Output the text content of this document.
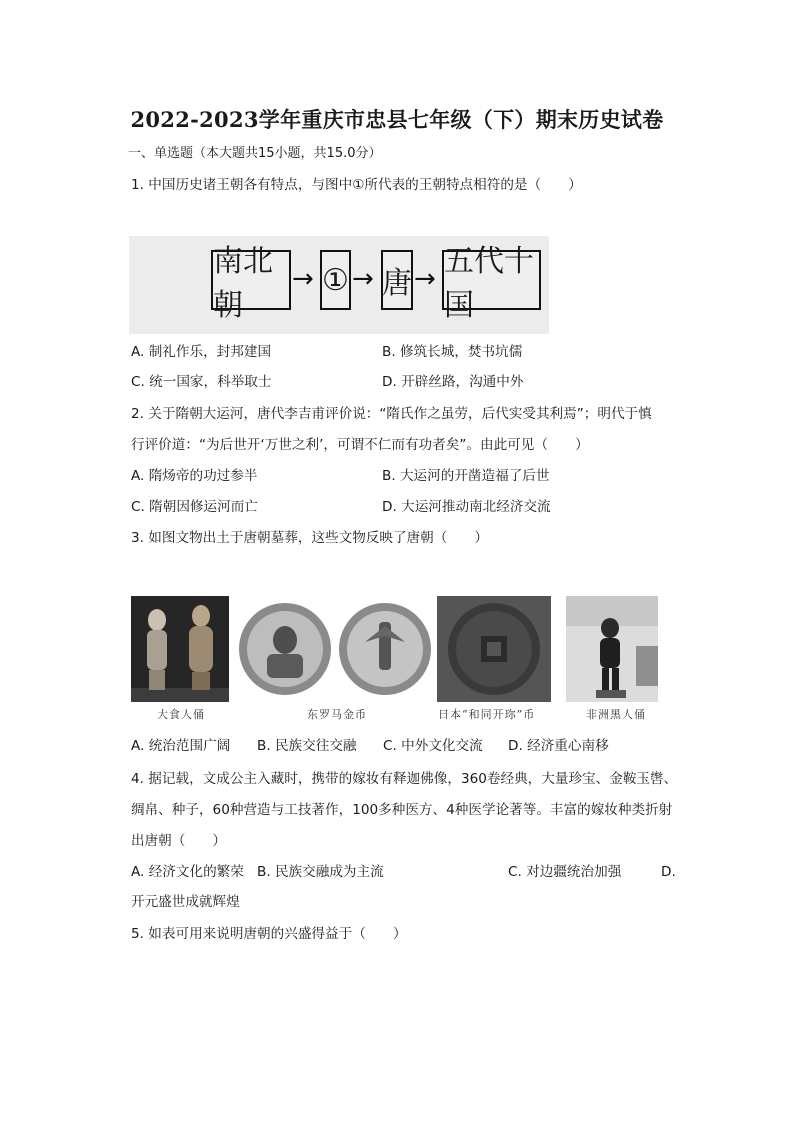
2022-2023学年重庆市忠县七年级（下）期末历史试卷
一、单选题（本大题共15小题，共15.0分）
1. 中国历史诸王朝各有特点，与图中①所代表的王朝特点相符的是（　　）
南北朝
→ ① → 唐 → 五代十国
A. 制礼作乐，封邦建国	B. 修筑长城，焚书坑儒
C. 统一国家，科举取士	D. 开辟丝路，沟通中外
2. 关于隋朝大运河，唐代李吉甫评价说：“隋氏作之虽劳，后代实受其利焉”；明代于慎
行评价道：“为后世开‘万世之利’，可谓不仁而有功者矣”。由此可见（　　）
A. 隋炀帝的功过参半	B. 大运河的开凿造福了后世
C. 隋朝因修运河而亡	D. 大运河推动南北经济交流
3. 如图文物出土于唐朝墓葬，这些文物反映了唐朝（　　）
大食人俑	东罗马金币	日本“和同开珎”币	非洲黑人俑
A. 统治范围广阔 B. 民族交往交融 C. 中外文化交流 D. 经济重心南移
4. 据记载，文成公主入藏时，携带的嫁妆有释迦佛像，360卷经典，大量珍宝、金鞍玉辔、
绸帛、种子，60种营造与工技著作，100多种医方、4种医学论著等。丰富的嫁妆种类折射
出唐朝（　　）
A. 经济文化的繁荣 B. 民族交融成为主流	C. 对边疆统治加强	D.
开元盛世成就辉煌
5. 如表可用来说明唐朝的兴盛得益于（　　）
